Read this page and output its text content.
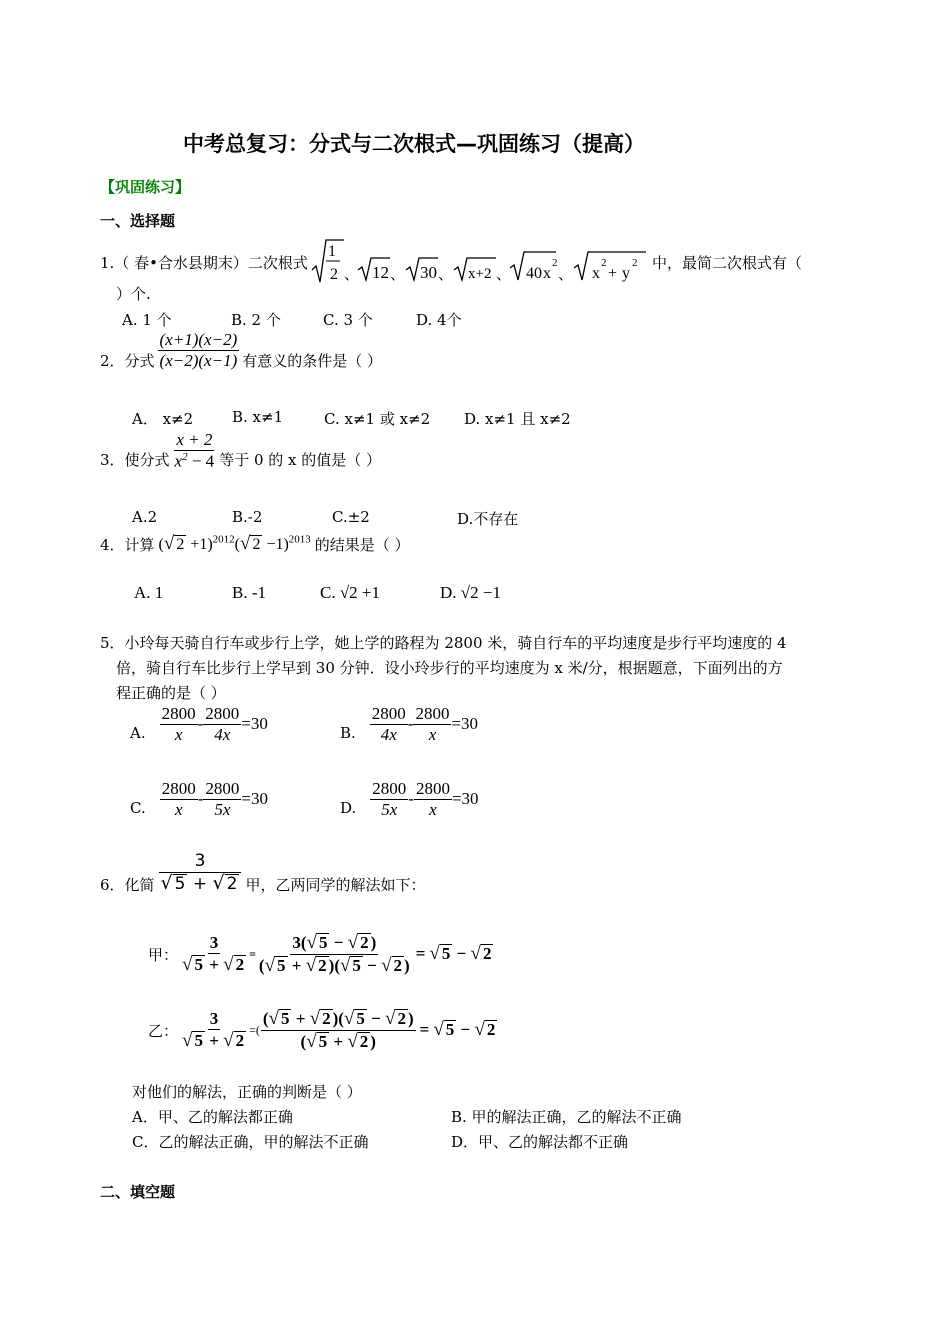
中考总复习：分式与二次根式—巩固练习（提高）
【巩固练习】
一、选择题
1.（ 春•合水县期末）二次根式
1
2 、 12 、 30 、 x+2 、 40 x
2
、 x
2
+ y
2 中，最简二次根式有（
）个.
A. 1 个	B. 2 个	C. 3 个	D. 4个
2．分式 $\frac{(x+1)(x-2)}{(x-2)(x-1)}$ 有意义的条件是（ ）
A． x≠2	B. x≠1	C. x≠1 或 x≠2 D. x≠1 且 x≠2
3．使分式 $\frac{x + 2}{x^2 - 4}$ 等于 0 的 x 的值是（ ）
A.2	B.-2	C.±2	D.不存在
4．计算 (√ 2 +1)$^{2012}$(√ 2 −1)$^{2013}$ 的结果是（ ）
A. 1	B. -1	C. √2 +1	D. √2 −1
5．小玲每天骑自行车或步行上学，她上学的路程为 2800 米，骑自行车的平均速度是步行平均速度的 4
倍，骑自行车比步行上学早到 30 分钟．设小玲步行的平均速度为 x 米/分，根据题意，下面列出的方
程正确的是（ ）
A. $\frac{2800}{x} - \frac{2800}{4x} =30$
B. $\frac{2800}{4x} - \frac{2800}{x} =30$
C. $\frac{2800}{x} - \frac{2800}{5x} =30$
D. $\frac{2800}{5x} - \frac{2800}{x} =30$
6．化简 $\frac{3}{√ 5 + √ 2}$ 甲，乙两同学的解法如下：
甲： $\frac{3}{√ 5 + √ 2} = \frac{3(√ 5 - √ 2 )}{(√ 5 + √ 2 )(√ 5 - √ 2 )}$ = √ 5 − √ 2
乙： $\frac{3}{√ 5 + √ 2}$ =( $\frac{(√ 5 + √ 2 )(√ 5 - √ 2 )}{(√ 5 + √ 2 )}$ = √ 5 − √ 2
对他们的解法，正确的判断是（ ）
A．甲、乙的解法都正确	B. 甲的解法正确，乙的解法不正确
C．乙的解法正确，甲的解法不正确	D．甲、乙的解法都不正确
二、填空题
